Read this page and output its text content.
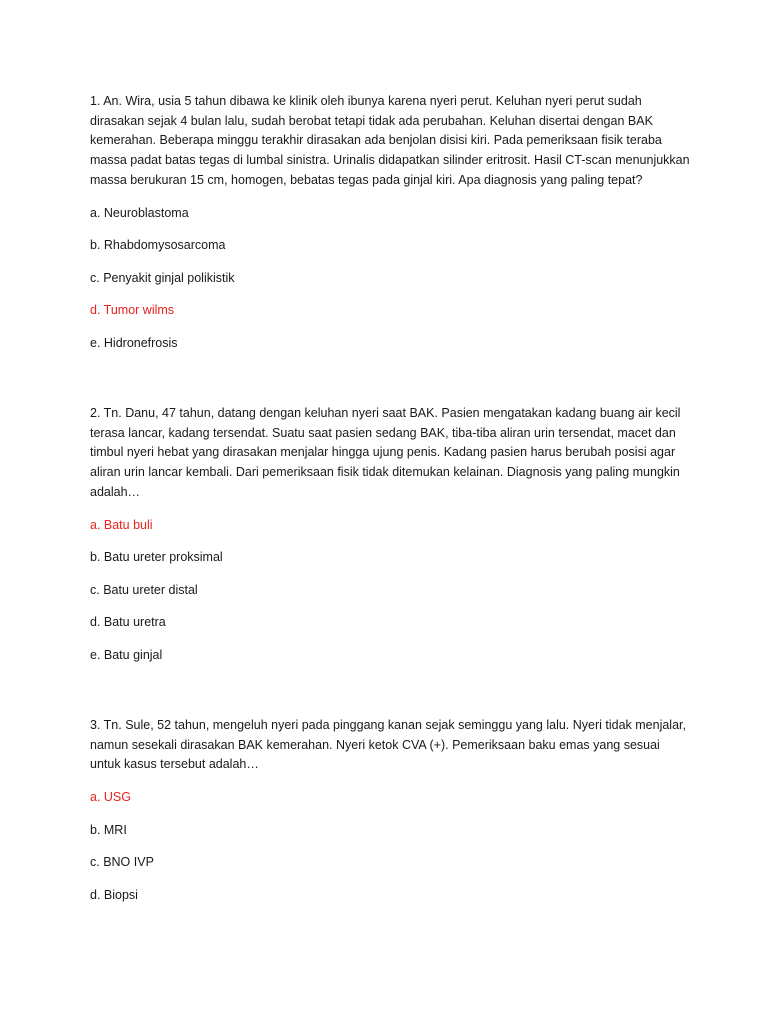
1. An. Wira, usia 5 tahun dibawa ke klinik oleh ibunya karena nyeri perut. Keluhan nyeri perut sudah dirasakan sejak 4 bulan lalu, sudah berobat tetapi tidak ada perubahan. Keluhan disertai dengan BAK kemerahan. Beberapa minggu terakhir dirasakan ada benjolan disisi kiri. Pada pemeriksaan fisik teraba massa padat batas tegas di lumbal sinistra. Urinalis didapatkan silinder eritrosit. Hasil CT-scan menunjukkan massa berukuran 15 cm, homogen, bebatas tegas pada ginjal kiri. Apa diagnosis yang paling tepat?

a. Neuroblastoma

b. Rhabdomysosarcoma

c. Penyakit ginjal polikistik

d. Tumor wilms

e. Hidronefrosis

2. Tn. Danu, 47 tahun, datang dengan keluhan nyeri saat BAK. Pasien mengatakan kadang buang air kecil terasa lancar, kadang tersendat. Suatu saat pasien sedang BAK, tiba-tiba aliran urin tersendat, macet dan timbul nyeri hebat yang dirasakan menjalar hingga ujung penis. Kadang pasien harus berubah posisi agar aliran urin lancar kembali. Dari pemeriksaan fisik tidak ditemukan kelainan. Diagnosis yang paling mungkin adalah…

a. Batu buli

b. Batu ureter proksimal

c. Batu ureter distal

d. Batu uretra

e. Batu ginjal

3. Tn. Sule, 52 tahun, mengeluh nyeri pada pinggang kanan sejak seminggu yang lalu. Nyeri tidak menjalar, namun sesekali dirasakan BAK kemerahan. Nyeri ketok CVA (+). Pemeriksaan baku emas yang sesuai untuk kasus tersebut adalah…

a. USG

b. MRI

c. BNO IVP

d. Biopsi
